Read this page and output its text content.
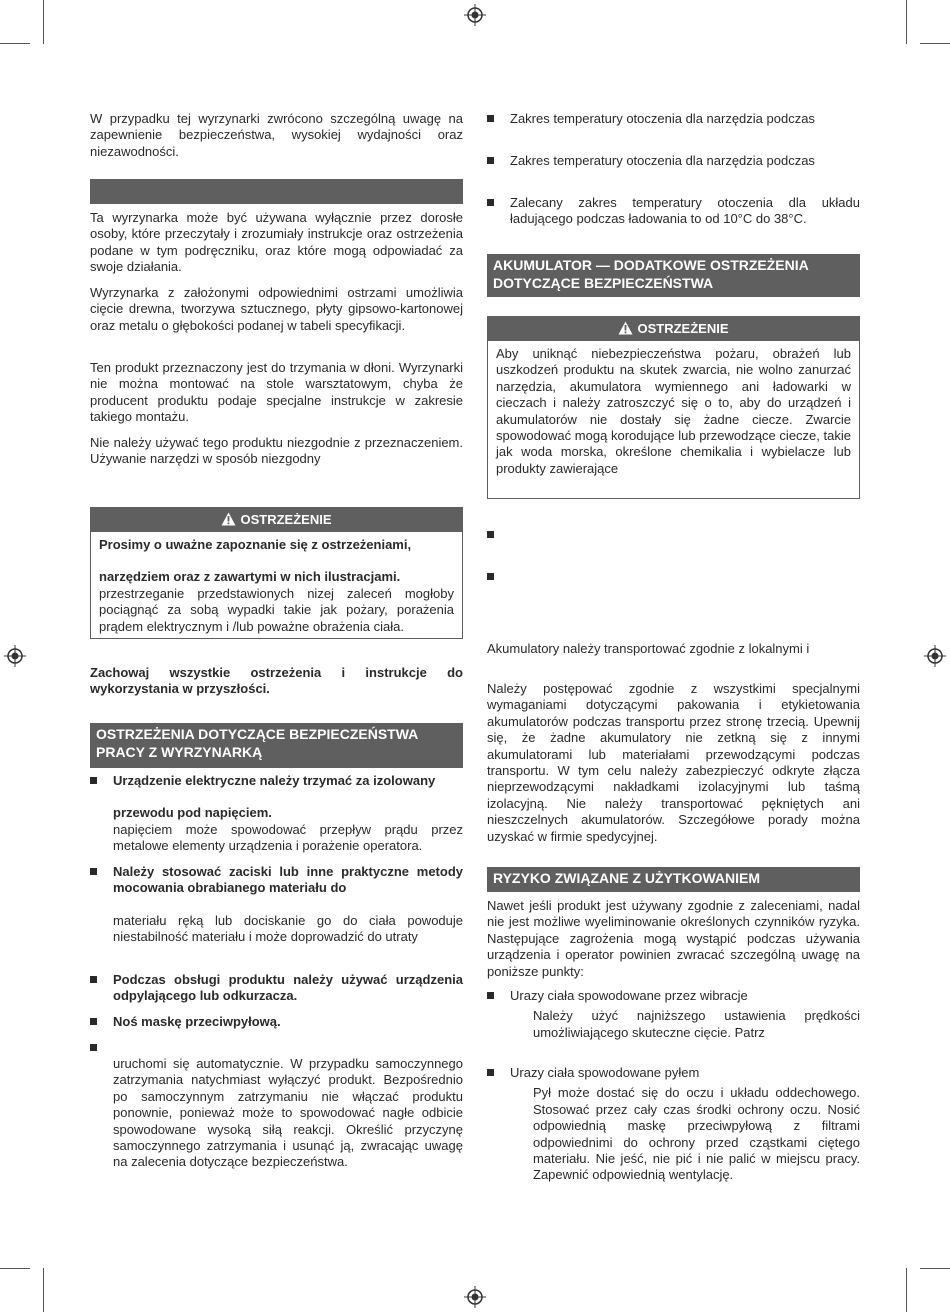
W przypadku tej wyrzynarki zwrócono szczególną uwagę na zapewnienie bezpieczeństwa, wysokiej wydajności oraz niezawodności.

Ta wyrzynarka może być używana wyłącznie przez dorosłe osoby, które przeczytały i zrozumiały instrukcje oraz ostrzeżenia podane w tym podręczniku, oraz które mogą odpowiadać za swoje działania.

Wyrzynarka z założonymi odpowiednimi ostrzami umożliwia cięcie drewna, tworzywa sztucznego, płyty gipsowo-kartonowej oraz metalu o głębokości podanej w tabeli specyfikacji.

Ten produkt przeznaczony jest do trzymania w dłoni. Wyrzynarki nie można montować na stole warsztatowym, chyba że producent produktu podaje specjalne instrukcje w zakresie takiego montażu.

Nie należy używać tego produktu niezgodnie z przeznaczeniem. Używanie narzędzi w sposób niezgodny

OSTRZEŻENIE

Prosimy o uważne zapoznanie się z ostrzeżeniami,

narzędziem oraz z zawartymi w nich ilustracjami.

przestrzeganie przedstawionych nizej zaleceń mogłoby pociągnąć za sobą wypadki takie jak pożary, porażenia prądem elektrycznym i /lub poważne obrażenia ciała.

Zachowaj wszystkie ostrzeżenia i instrukcje do wykorzystania w przyszłości.

OSTRZEŻENIA DOTYCZĄCE BEZPIECZEŃSTWA PRACY Z WYRZYNARKĄ

Urządzenie elektryczne należy trzymać za izolowany

przewodu pod napięciem.

napięciem może spowodować przepływ prądu przez metalowe elementy urządzenia i porażenie operatora.

Należy stosować zaciski lub inne praktyczne metody mocowania obrabianego materiału do

materiału ręką lub dociskanie go do ciała powoduje niestabilność materiału i może doprowadzić do utraty

Podczas obsługi produktu należy używać urządzenia odpylającego lub odkurzacza.

Noś maskę przeciwpyłową.

uruchomi się automatycznie. W przypadku samoczynnego zatrzymania natychmiast wyłączyć produkt. Bezpośrednio po samoczynnym zatrzymaniu nie włączać produktu ponownie, ponieważ może to spowodować nagłe odbicie spowodowane wysoką siłą reakcji. Określić przyczynę samoczynnego zatrzymania i usunąć ją, zwracając uwagę na zalecenia dotyczące bezpieczeństwa.

Zakres temperatury otoczenia dla narzędzia podczas

Zakres temperatury otoczenia dla narzędzia podczas

Zalecany zakres temperatury otoczenia dla układu ładującego podczas ładowania to od 10°C do 38°C.

AKUMULATOR — DODATKOWE OSTRZEŻENIA DOTYCZĄCE BEZPIECZEŃSTWA
OSTRZEŻENIE

Aby uniknąć niebezpieczeństwa pożaru, obrażeń lub uszkodzeń produktu na skutek zwarcia, nie wolno zanurzać narzędzia, akumulatora wymiennego ani ładowarki w cieczach i należy zatroszczyć się o to, aby do urządzeń i akumulatorów nie dostały się żadne ciecze. Zwarcie spowodować mogą korodujące lub przewodzące ciecze, takie jak woda morska, określone chemikalia i wybielacze lub produkty zawierające

Akumulatory należy transportować zgodnie z lokalnymi i

Należy postępować zgodnie z wszystkimi specjalnymi wymaganiami dotyczącymi pakowania i etykietowania akumulatorów podczas transportu przez stronę trzecią. Upewnij się, że żadne akumulatory nie zetkną się z innymi akumulatorami lub materiałami przewodzącymi podczas transportu. W tym celu należy zabezpieczyć odkryte złącza nieprzewodzącymi nakładkami izolacyjnymi lub taśmą izolacyjną. Nie należy transportować pękniętych ani nieszczelnych akumulatorów. Szczegółowe porady można uzyskać w firmie spedycyjnej.

RYZYKO ZWIĄZANE Z UŻYTKOWANIEM

Nawet jeśli produkt jest używany zgodnie z zaleceniami, nadal nie jest możliwe wyeliminowanie określonych czynników ryzyka. Następujące zagrożenia mogą wystąpić podczas używania urządzenia i operator powinien zwracać szczególną uwagę na poniższe punkty:

Urazy ciała spowodowane przez wibracje

Należy użyć najniższego ustawienia prędkości umożliwiającego skuteczne cięcie. Patrz

Urazy ciała spowodowane pyłem

Pył może dostać się do oczu i układu oddechowego. Stosować przez cały czas środki ochrony oczu. Nosić odpowiednią maskę przeciwpyłową z filtrami odpowiednimi do ochrony przed cząstkami ciętego materiału. Nie jeść, nie pić i nie palić w miejscu pracy. Zapewnić odpowiednią wentylację.
